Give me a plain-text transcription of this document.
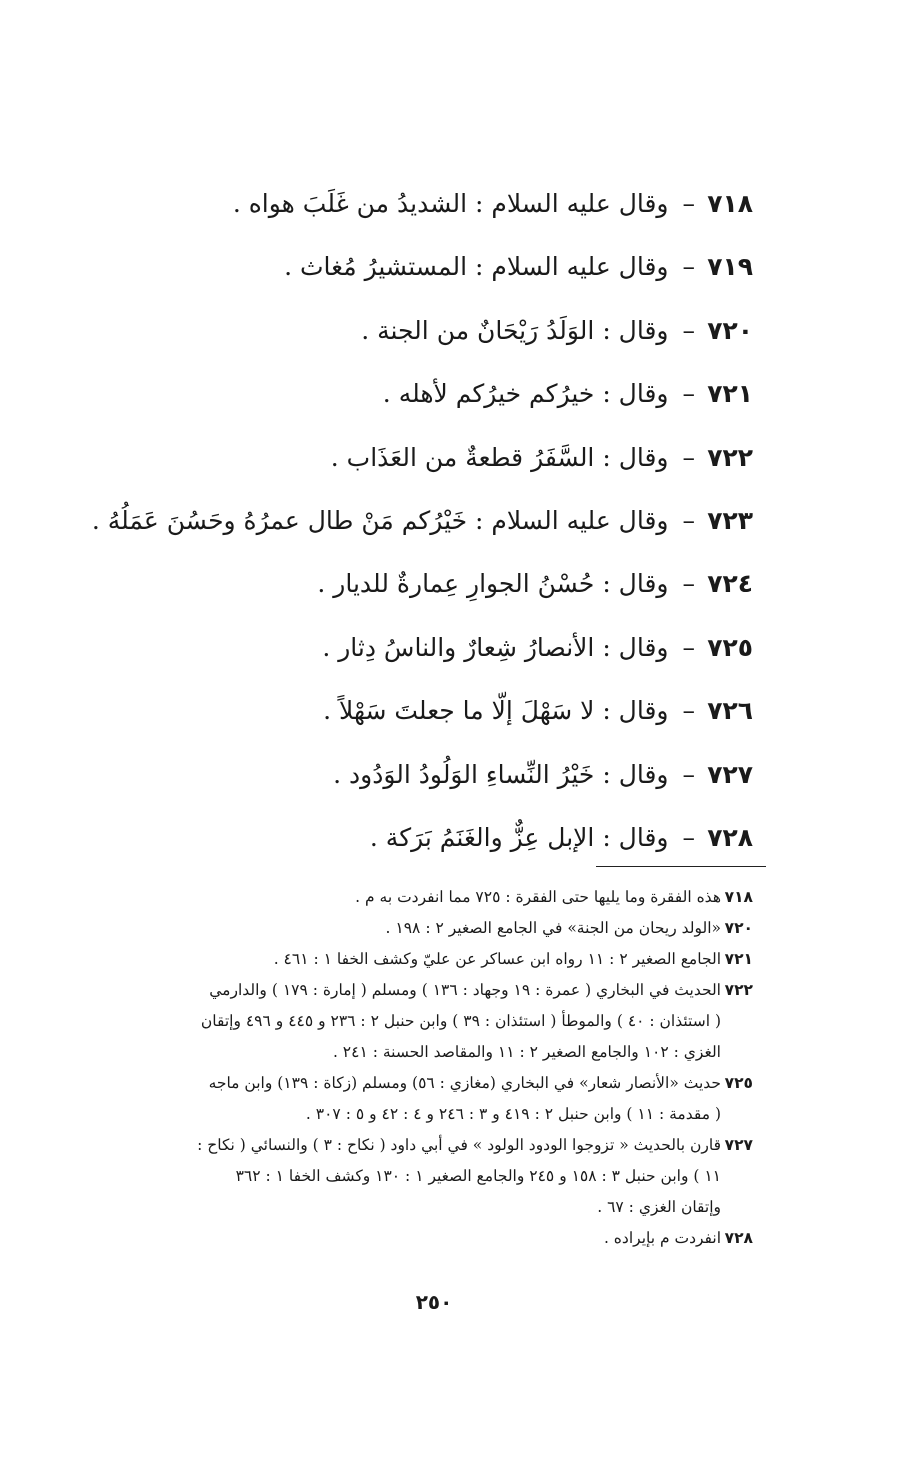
٧١٨
–
وقال عليه السلام : الشديدُ من غَلَبَ هواه .
٧١٩
–
وقال عليه السلام : المستشيرُ مُغاث .
٧٢٠
–
وقال : الوَلَدُ رَيْحَانٌ من الجنة .
٧٢١
–
وقال : خيرُكم خيرُكم لأهله .
٧٢٢
–
وقال : السَّفَرُ قطعةٌ من العَذَاب .
٧٢٣
–
وقال عليه السلام : خَيْرُكم مَنْ طال عمرُهُ وحَسُنَ عَمَلُهُ .
٧٢٤
–
وقال : حُسْنُ الجوارِ عِمارةٌ للديار .
٧٢٥
–
وقال : الأنصارُ شِعارٌ والناسُ دِثار .
٧٢٦
–
وقال : لا سَهْلَ إلّا ما جعلتَ سَهْلاً .
٧٢٧
–
وقال : خَيْرُ النِّساءِ الوَلُودُ الوَدُود .
٧٢٨
–
وقال : الإبل عِزٌّ والغَنَمُ بَرَكة .
٧١٨
هذه الفقرة وما يليها حتى الفقرة : ٧٢٥ مما انفردت به م .
٧٢٠
«الولد ريحان من الجنة» في الجامع الصغير ٢ : ١٩٨ .
٧٢١
الجامع الصغير ٢ : ١١ رواه ابن عساكر عن عليّ وكشف الخفا ١ : ٤٦١ .
٧٢٢
الحديث في البخاري ( عمرة : ١٩ وجهاد : ١٣٦ ) ومسلم ( إمارة : ١٧٩ ) والدارمي
( استئذان : ٤٠ ) والموطأ ( استئذان : ٣٩ ) وابن حنبل ٢ : ٢٣٦ و ٤٤٥ و ٤٩٦ وإتقان
الغزي : ١٠٢ والجامع الصغير ٢ : ١١ والمقاصد الحسنة : ٢٤١ .
٧٢٥
حديث «الأنصار شعار» في البخاري (مغازي : ٥٦) ومسلم (زكاة : ١٣٩) وابن ماجه
( مقدمة : ١١ ) وابن حنبل ٢ : ٤١٩ و ٣ : ٢٤٦ و ٤ : ٤٢ و ٥ : ٣٠٧ .
٧٢٧
قارن بالحديث « تزوجوا الودود الولود » في أبي داود ( نكاح : ٣ ) والنسائي ( نكاح :
١١ ) وابن حنبل ٣ : ١٥٨ و ٢٤٥ والجامع الصغير ١ : ١٣٠ وكشف الخفا ١ : ٣٦٢
وإتقان الغزي : ٦٧ .
٧٢٨
انفردت م بإيراده .
٢٥٠
